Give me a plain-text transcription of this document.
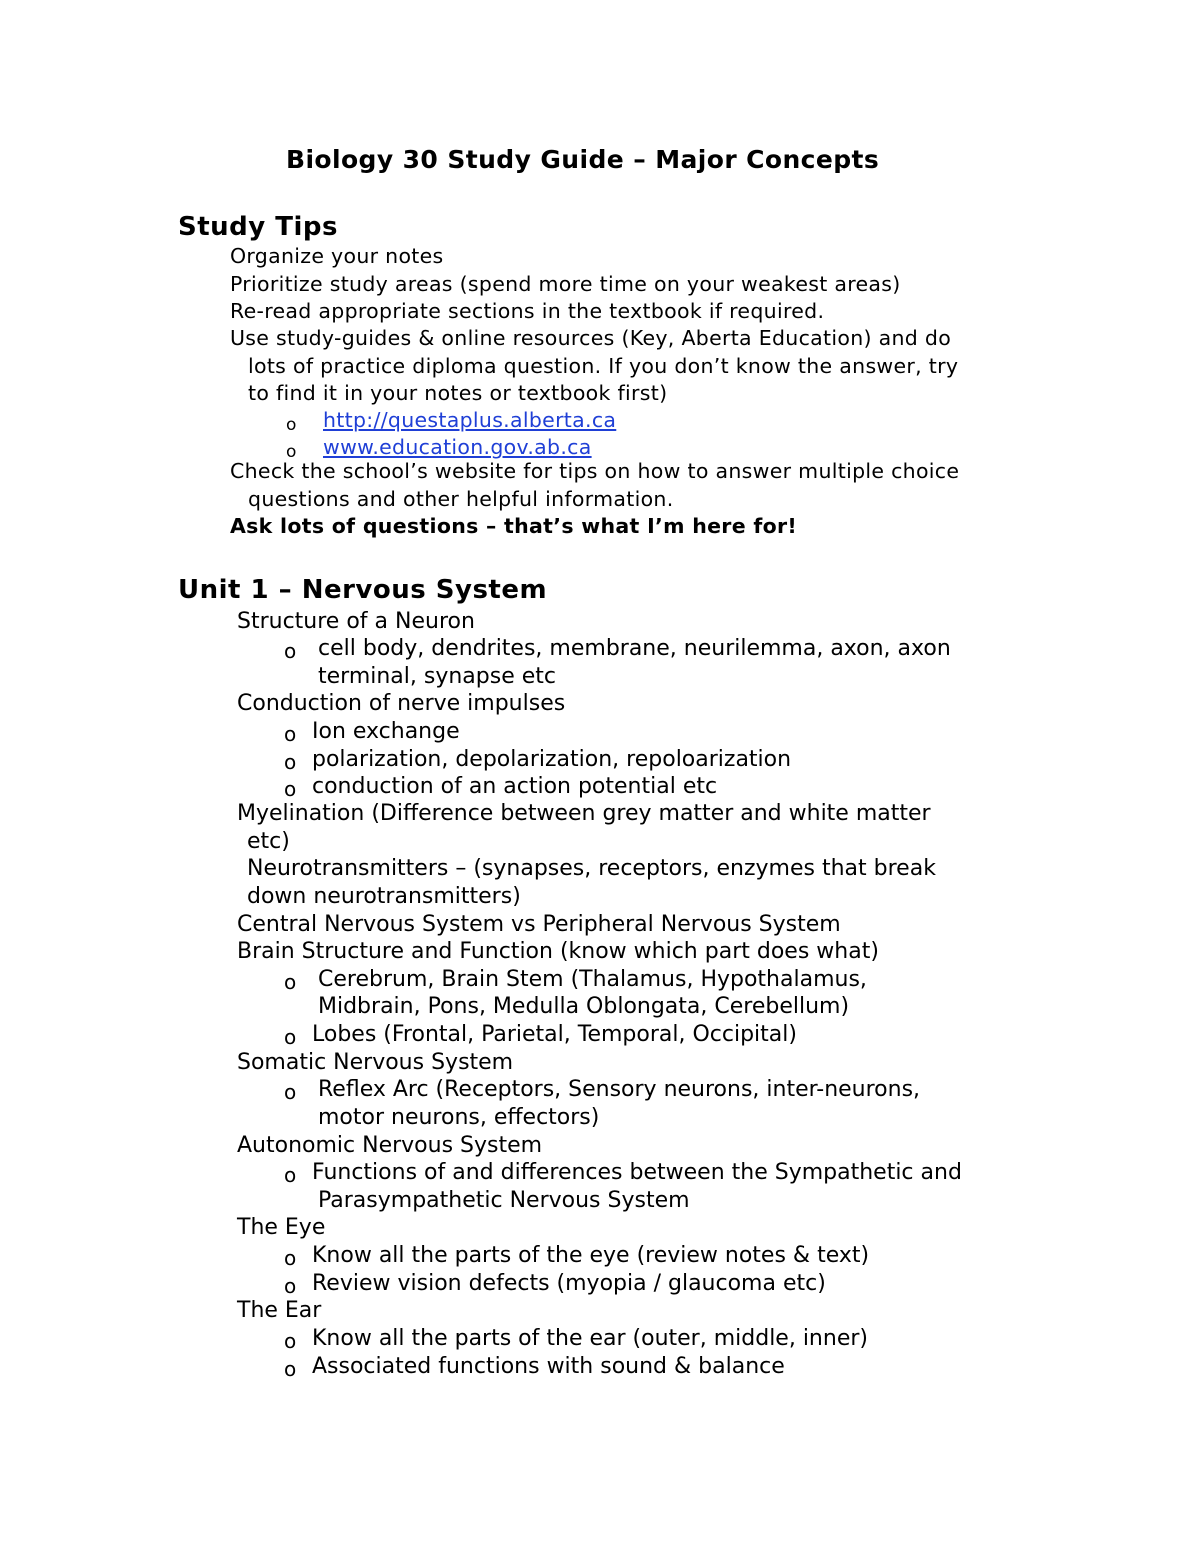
Biology 30 Study Guide – Major Concepts
Study Tips
Organize your notes
Prioritize study areas (spend more time on your weakest areas)
Re-read appropriate sections in the textbook if required.
Use study-guides & online resources (Key, Aberta Education) and do
lots of practice diploma question. If you don’t know the answer, try
to find it in your notes or textbook first)
o http://questaplus.alberta.ca
o www.education.gov.ab.ca
Check the school’s website for tips on how to answer multiple choice
questions and other helpful information.
Ask lots of questions – that’s what I’m here for!
Unit 1 – Nervous System
Structure of a Neuron
o cell body, dendrites, membrane, neurilemma, axon, axon
terminal, synapse etc
Conduction of nerve impulses
o Ion exchange
o polarization, depolarization, repoloarization
o conduction of an action potential etc
Myelination (Difference between grey matter and white matter
etc)
Neurotransmitters – (synapses, receptors, enzymes that break
down neurotransmitters)
Central Nervous System vs Peripheral Nervous System
Brain Structure and Function (know which part does what)
o Cerebrum, Brain Stem (Thalamus, Hypothalamus,
Midbrain, Pons, Medulla Oblongata, Cerebellum)
o Lobes (Frontal, Parietal, Temporal, Occipital)
Somatic Nervous System
o Reflex Arc (Receptors, Sensory neurons, inter-neurons,
motor neurons, effectors)
Autonomic Nervous System
o Functions of and differences between the Sympathetic and
Parasympathetic Nervous System
The Eye
o Know all the parts of the eye (review notes & text)
o Review vision defects (myopia / glaucoma etc)
The Ear
o Know all the parts of the ear (outer, middle, inner)
o Associated functions with sound & balance
